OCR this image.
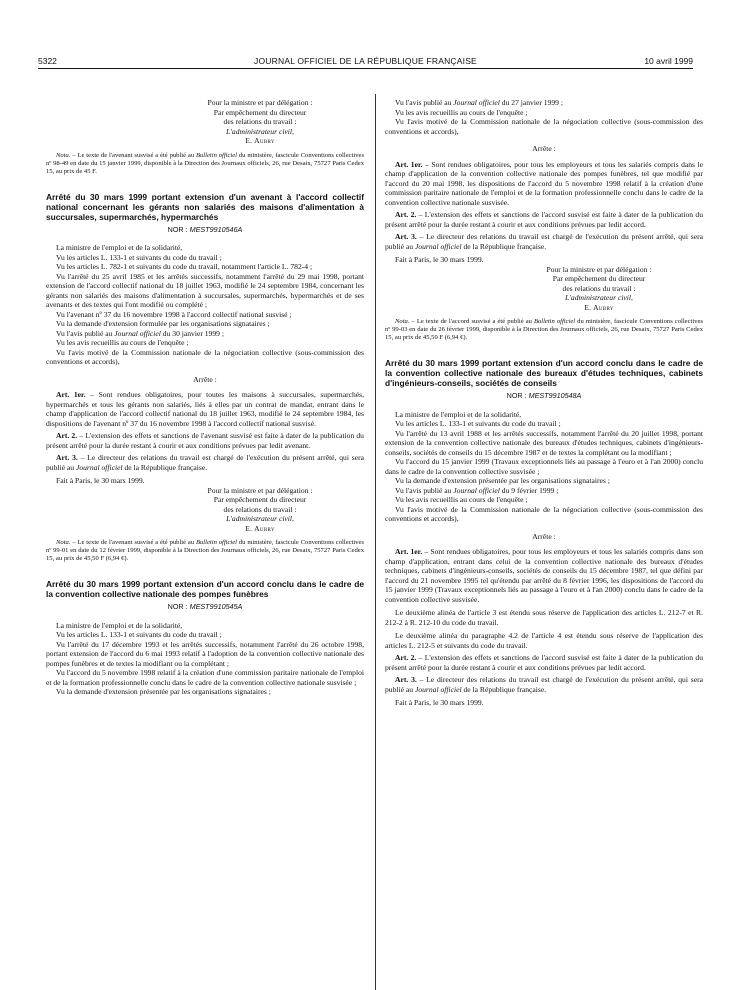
5322	JOURNAL OFFICIEL DE LA RÉPUBLIQUE FRANÇAISE	10 avril 1999
Pour la ministre et par délégation :
Par empêchement du directeur
des relations du travail :
L'administrateur civil,
E. Aubry

Nota. – Le texte de l'avenant susvisé a été publié au Bulletin officiel du ministère, fascicule Conventions collectives nº 98-49 en date du 15 janvier 1999, disponible à la Direction des Journaux officiels, 26, rue Desaix, 75727 Paris Cedex 15, au prix de 45 F.

Arrêté du 30 mars 1999 portant extension d'un avenant à l'accord collectif national concernant les gérants non salariés des maisons d'alimentation à succursales, supermarchés, hypermarchés

NOR : MEST9910546A

La ministre de l'emploi et de la solidarité,

Vu les articles L. 133-1 et suivants du code du travail ;

Vu les articles L. 782-1 et suivants du code du travail, notamment l'article L. 782-4 ;

Vu l'arrêté du 25 avril 1985 et les arrêtés successifs, notamment l'arrêté du 29 mai 1998, portant extension de l'accord collectif national du 18 juillet 1963, modifié le 24 septembre 1984, concernant les gérants non salariés des maisons d'alimentation à succursales, supermarchés, hypermarchés et de ses avenants et des textes qui l'ont modifié ou complété ;

Vu l'avenant nº 37 du 16 novembre 1998 à l'accord collectif national susvisé ;

Vu la demande d'extension formulée par les organisations signataires ;

Vu l'avis publié au Journal officiel du 30 janvier 1999 ;

Vu les avis recueillis au cours de l'enquête ;

Vu l'avis motivé de la Commission nationale de la négociation collective (sous-commission des conventions et accords),

Arrête :

Art. 1er. – Sont rendues obligatoires, pour toutes les maisons à succursales, supermarchés, hypermarchés et tous les gérants non salariés, liés à elles par un contrat de mandat, entrant dans le champ d'application de l'accord collectif national du 18 juillet 1963, modifié le 24 septembre 1984, les dispositions de l'avenant nº 37 du 16 novembre 1998 à l'accord collectif national susvisé.

Art. 2. – L'extension des effets et sanctions de l'avenant susvisé est faite à dater de la publication du présent arrêté pour la durée restant à courir et aux conditions prévues par ledit avenant.

Art. 3. – Le directeur des relations du travail est chargé de l'exécution du présent arrêté, qui sera publié au Journal officiel de la République française.

Fait à Paris, le 30 mars 1999.

Pour la ministre et par délégation :
Par empêchement du directeur
des relations du travail :
L'administrateur civil,
E. Aubry

Nota. – Le texte de l'avenant susvisé a été publié au Bulletin officiel du ministère, fascicule Conventions collectives nº 99-01 en date du 12 février 1999, disponible à la Direction des Journaux officiels, 26, rue Desaix, 75727 Paris Cedex 15, au prix de 45,50 F (6,94 €).

Arrêté du 30 mars 1999 portant extension d'un accord conclu dans le cadre de la convention collective nationale des pompes funèbres

NOR : MEST9910545A

La ministre de l'emploi et de la solidarité,

Vu les articles L. 133-1 et suivants du code du travail ;

Vu l'arrêté du 17 décembre 1993 et les arrêtés successifs, notamment l'arrêté du 26 octobre 1998, portant extension de l'accord du 6 mai 1993 relatif à l'adoption de la convention collective nationale des pompes funèbres et de textes la modifiant ou la complétant ;

Vu l'accord du 5 novembre 1998 relatif à la création d'une commission paritaire nationale de l'emploi et de la formation professionnelle conclu dans le cadre de la convention collective nationale susvisée ;

Vu la demande d'extension présentée par les organisations signataires ;

Vu l'avis publié au Journal officiel du 27 janvier 1999 ;

Vu les avis recueillis au cours de l'enquête ;

Vu l'avis motivé de la Commission nationale de la négociation collective (sous-commission des conventions et accords),

Arrête :

Art. 1er. – Sont rendues obligatoires, pour tous les employeurs et tous les salariés compris dans le champ d'application de la convention collective nationale des pompes funèbres, tel que modifié par l'accord du 20 mai 1998, les dispositions de l'accord du 5 novembre 1998 relatif à la création d'une commission paritaire nationale de l'emploi et de la formation professionnelle conclu dans le cadre de la convention collective nationale susvisée.

Art. 2. – L'extension des effets et sanctions de l'accord susvisé est faite à dater de la publication du présent arrêté pour la durée restant à courir et aux conditions prévues par ledit accord.

Art. 3. – Le directeur des relations du travail est chargé de l'exécution du présent arrêté, qui sera publié au Journal officiel de la République française.

Fait à Paris, le 30 mars 1999.

Pour la ministre et par délégation :
Par empêchement du directeur
des relations du travail :
L'administrateur civil,
E. Aubry

Nota. – Le texte de l'accord susvisé a été publié au Bulletin officiel du ministère, fascicule Conventions collectives nº 99-03 en date du 26 février 1999, disponible à la Direction des Journaux officiels, 26, rue Desaix, 75727 Paris Cedex 15, au prix de 45,50 F (6,94 €).

Arrêté du 30 mars 1999 portant extension d'un accord conclu dans le cadre de la convention collective nationale des bureaux d'études techniques, cabinets d'ingénieurs-conseils, sociétés de conseils

NOR : MEST9910548A

La ministre de l'emploi et de la solidarité,

Vu les articles L. 133-1 et suivants du code du travail ;

Vu l'arrêté du 13 avril 1988 et les arrêtés successifs, notamment l'arrêté du 20 juillet 1998, portant extension de la convention collective nationale des bureaux d'études techniques, cabinets d'ingénieurs-conseils, sociétés de conseils du 15 décembre 1987 et de textes la complétant ou la modifiant ;

Vu l'accord du 15 janvier 1999 (Travaux exceptionnels liés au passage à l'euro et à l'an 2000) conclu dans le cadre de la convention collective susvisée ;

Vu la demande d'extension présentée par les organisations signataires ;

Vu l'avis publié au Journal officiel du 9 février 1999 ;

Vu les avis recueillis au cours de l'enquête ;

Vu l'avis motivé de la Commission nationale de la négociation collective (sous-commission des conventions et accords),

Arrête :

Art. 1er. – Sont rendues obligatoires, pour tous les employeurs et tous les salariés compris dans son champ d'application, entrant dans celui de la convention collective nationale des bureaux d'études techniques, cabinets d'ingénieurs-conseils, sociétés de conseils du 15 décembre 1987, tel que défini par l'accord du 21 novembre 1995 tel qu'étendu par arrêté du 8 février 1996, les dispositions de l'accord du 15 janvier 1999 (Travaux exceptionnels liés au passage à l'euro et à l'an 2000) conclu dans le cadre de la convention collective susvisée.

Le deuxième alinéa de l'article 3 est étendu sous réserve de l'application des articles L. 212-7 et R. 212-2 à R. 212-10 du code du travail.

Le deuxième alinéa du paragraphe 4.2 de l'article 4 est étendu sous réserve de l'application des articles L. 212-5 et suivants du code du travail.

Art. 2. – L'extension des effets et sanctions de l'accord susvisé est faite à dater de la publication du présent arrêté pour la durée restant à courir et aux conditions prévues par ledit accord.

Art. 3. – Le directeur des relations du travail est chargé de l'exécution du présent arrêté, qui sera publié au Journal officiel de la République française.

Fait à Paris, le 30 mars 1999.
